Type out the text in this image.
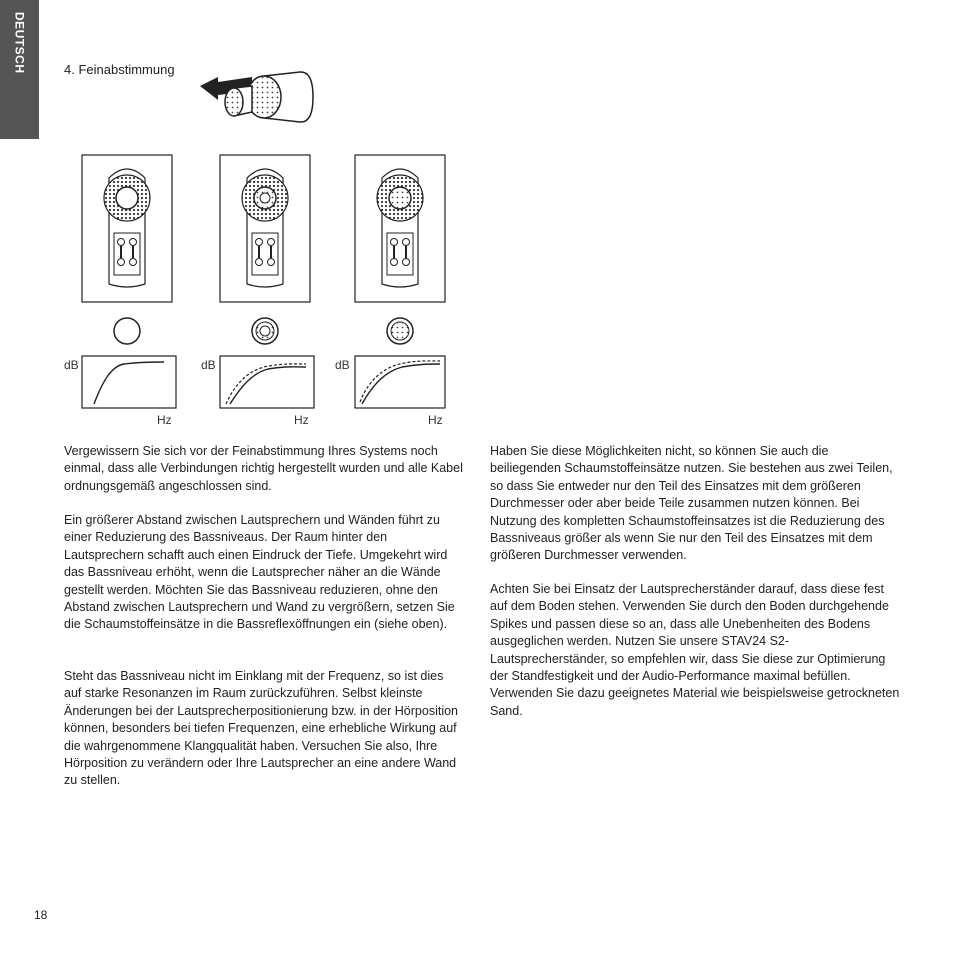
DEUTSCH	4. Feinabstimmung
dB
Hz
dB
Hz
dB
Hz

Vergewissern Sie sich vor der Feinabstimmung Ihres Systems noch einmal, dass alle Verbindungen richtig hergestellt wurden und alle Kabel ordnungsgemäß angeschlossen sind.

Ein größerer Abstand zwischen Lautsprechern und Wänden führt zu einer Reduzierung des Bassniveaus. Der Raum hinter den Lautsprechern schafft auch einen Eindruck der Tiefe. Umgekehrt wird das Bassniveau erhöht, wenn die Lautsprecher näher an die Wände gestellt werden. Möchten Sie das Bassniveau reduzieren, ohne den Abstand zwischen Lautsprechern und Wand zu vergrößern, setzen Sie die Schaumstoffeinsätze in die Bassreflexöffnungen ein (siehe oben).

Steht das Bassniveau nicht im Einklang mit der Frequenz, so ist dies auf starke Resonanzen im Raum zurückzuführen. Selbst kleinste Änderungen bei der Lautsprecherpositionierung bzw. in der Hörposition können, besonders bei tiefen Frequenzen, eine erhebliche Wirkung auf die wahrgenommene Klangqualität haben. Versuchen Sie also, Ihre Hörposition zu verändern oder Ihre Lautsprecher an eine andere Wand zu stellen.

Haben Sie diese Möglichkeiten nicht, so können Sie auch die beiliegenden Schaumstoffeinsätze nutzen. Sie bestehen aus zwei Teilen, so dass Sie entweder nur den Teil des Einsatzes mit dem größeren Durchmesser oder aber beide Teile zusammen nutzen können. Bei Nutzung des kompletten Schaumstoffeinsatzes ist die Reduzierung des Bassniveaus größer als wenn Sie nur den Teil des Einsatzes mit dem größeren Durchmesser verwenden.

Achten Sie bei Einsatz der Lautsprecherständer darauf, dass diese fest auf dem Boden stehen. Verwenden Sie durch den Boden durchgehende Spikes und passen diese so an, dass alle Unebenheiten des Bodens ausgeglichen werden. Nutzen Sie unsere STAV24 S2-Lautsprecherständer, so empfehlen wir, dass Sie diese zur Optimierung der Standfestigkeit und der Audio-Performance maximal befüllen. Verwenden Sie dazu geeignetes Material wie beispielsweise getrockneten Sand.

18
